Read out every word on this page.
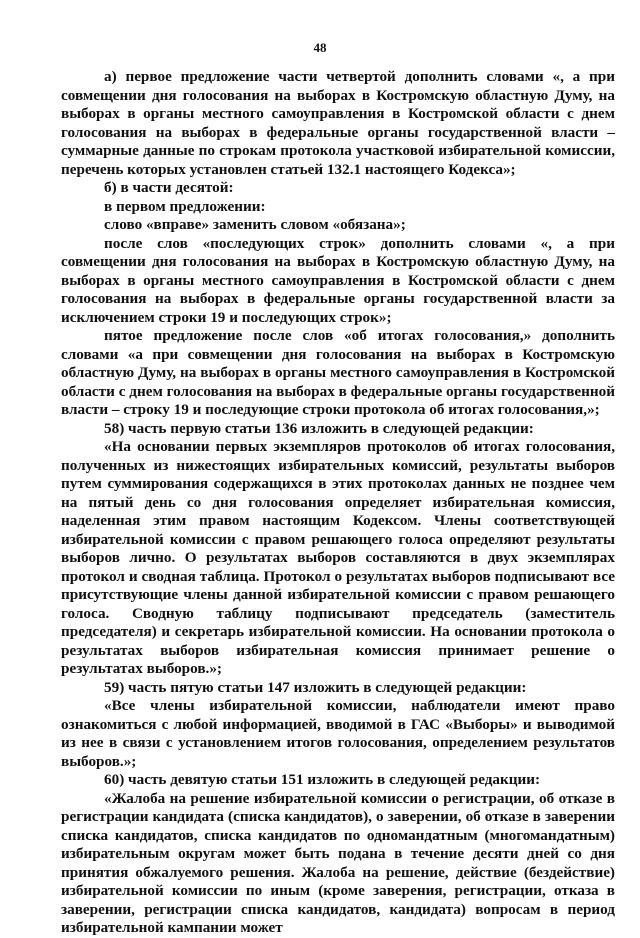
48

а) первое предложение части четвертой дополнить словами «, а при совмещении дня голосования на выборах в Костромскую областную Думу, на выборах в органы местного самоуправления в Костромской области с днем голосования на выборах в федеральные органы государственной власти – суммарные данные по строкам протокола участковой избирательной комиссии, перечень которых установлен статьей 132.1 настоящего Кодекса»;

б) в части десятой:

в первом предложении:

слово «вправе» заменить словом «обязана»;

после слов «последующих строк» дополнить словами «, а при совмещении дня голосования на выборах в Костромскую областную Думу, на выборах в органы местного самоуправления в Костромской области с днем голосования на выборах в федеральные органы государственной власти за исключением строки 19 и последующих строк»;

пятое предложение после слов «об итогах голосования,» дополнить словами «а при совмещении дня голосования на выборах в Костромскую областную Думу, на выборах в органы местного самоуправления в Костромской области с днем голосования на выборах в федеральные органы государственной власти – строку 19 и последующие строки протокола об итогах голосования,»;

58) часть первую статьи 136 изложить в следующей редакции:

«На основании первых экземпляров протоколов об итогах голосования, полученных из нижестоящих избирательных комиссий, результаты выборов путем суммирования содержащихся в этих протоколах данных не позднее чем на пятый день со дня голосования определяет избирательная комиссия, наделенная этим правом настоящим Кодексом. Члены соответствующей избирательной комиссии с правом решающего голоса определяют результаты выборов лично. О результатах выборов составляются в двух экземплярах протокол и сводная таблица. Протокол о результатах выборов подписывают все присутствующие члены данной избирательной комиссии с правом решающего голоса. Сводную таблицу подписывают председатель (заместитель председателя) и секретарь избирательной комиссии. На основании протокола о результатах выборов избирательная комиссия принимает решение о результатах выборов.»;

59) часть пятую статьи 147 изложить в следующей редакции:

«Все члены избирательной комиссии, наблюдатели имеют право ознакомиться с любой информацией, вводимой в ГАС «Выборы» и выводимой из нее в связи с установлением итогов голосования, определением результатов выборов.»;

60) часть девятую статьи 151 изложить в следующей редакции:

«Жалоба на решение избирательной комиссии о регистрации, об отказе в регистрации кандидата (списка кандидатов), о заверении, об отказе в заверении списка кандидатов, списка кандидатов по одномандатным (многомандатным) избирательным округам может быть подана в течение десяти дней со дня принятия обжалуемого решения. Жалоба на решение, действие (бездействие) избирательной комиссии по иным (кроме заверения, регистрации, отказа в заверении, регистрации списка кандидатов, кандидата) вопросам в период избирательной кампании может
